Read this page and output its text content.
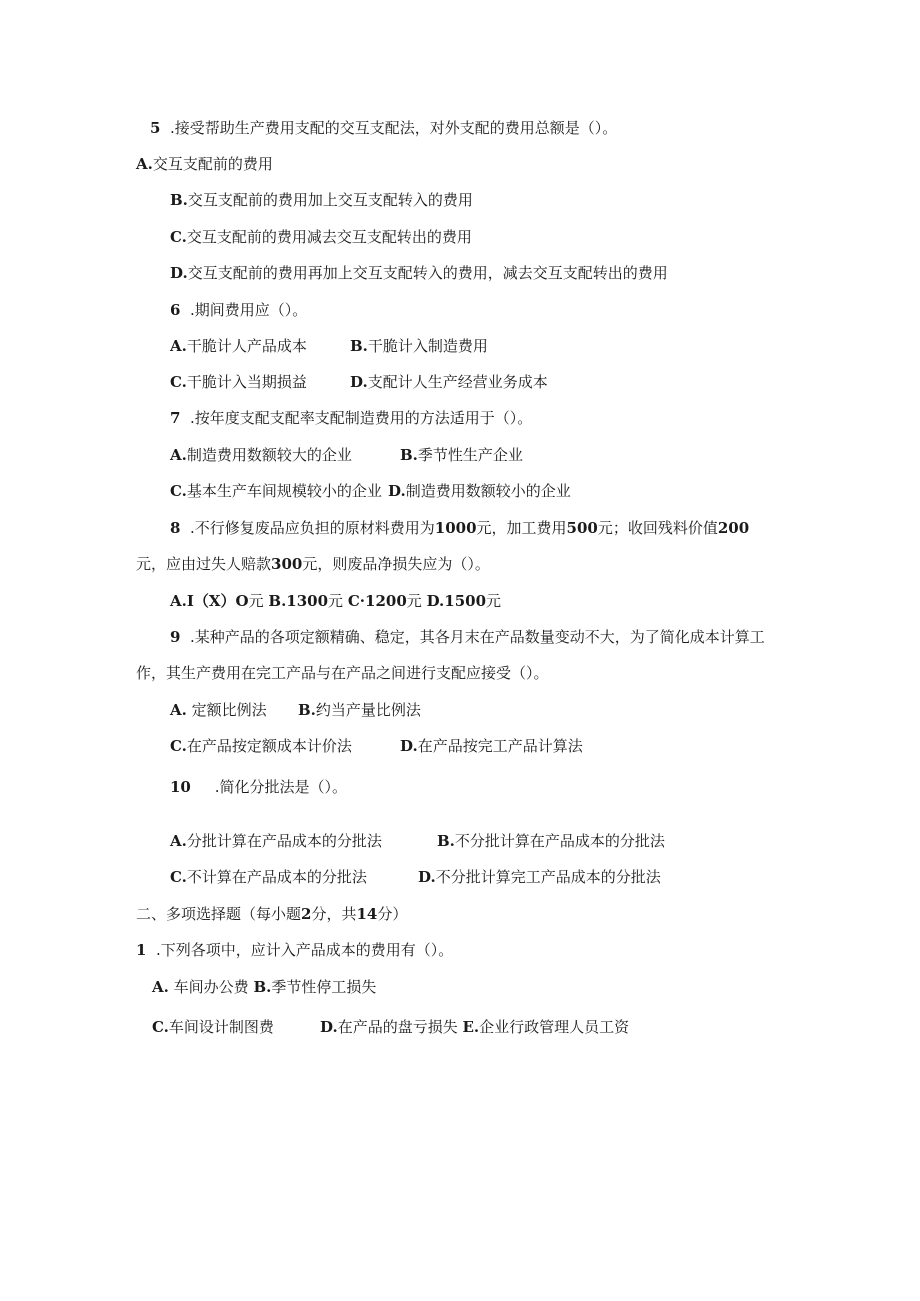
5 .接受帮助生产费用支配的交互支配法，对外支配的费用总额是（）。

A.交互支配前的费用

B.交互支配前的费用加上交互支配转入的费用

C.交互支配前的费用减去交互支配转出的费用

D.交互支配前的费用再加上交互支配转入的费用，减去交互支配转出的费用

6 .期间费用应（）。

A.干脆计人产品成本	B.干脆计入制造费用

C.干脆计入当期损益	D.支配计人生产经营业务成本

7 .按年度支配支配率支配制造费用的方法适用于（）。

A.制造费用数额较大的企业	B.季节性生产企业

C.基本生产车间规模较小的企业 D.制造费用数额较小的企业

8 .不行修复废品应负担的原材料费用为1000元，加工费用500元；收回残料价值200

元，应由过失人赔款300元，则废品净损失应为（）。

A.I（X）O元 B.1300元 C·1200元 D.1500元

9 .某种产品的各项定额精确、稳定，其各月末在产品数量变动不大，为了简化成本计算工

作，其生产费用在完工产品与在产品之间进行支配应接受（）。

A. 定额比例法 B.约当产量比例法

C.在产品按定额成本计价法	D.在产品按完工产品计算法

10 .简化分批法是（）。

A.分批计算在产品成本的分批法	B.不分批计算在产品成本的分批法

C.不计算在产品成本的分批法	D.不分批计算完工产品成本的分批法

二、多项选择题（每小题2分，共14分）

1 .下列各项中，应计入产品成本的费用有（）。

A. 车间办公费 B.季节性停工损失

C.车间设计制图费	D.在产品的盘亏损失 E.企业行政管理人员工资
